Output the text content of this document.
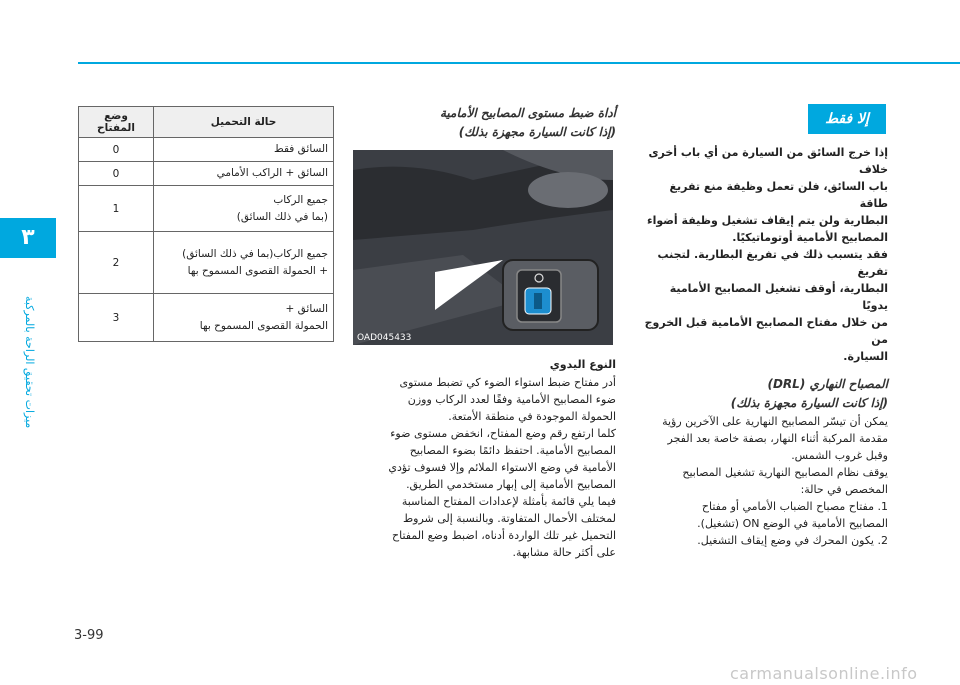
٣
ميزات تحقيق الراحة بالمركبة
إلا فقط

إذا خرج السائق من السيارة من أي باب أخرى خلاف

باب السائق، فلن تعمل وظيفة منع تفريغ طاقة

البطارية ولن يتم إيقاف تشغيل وظيفة أضواء

المصابيح الأمامية أوتوماتيكيًا.

فقد يتسبب ذلك في تفريغ البطارية. لتجنب تفريغ

البطارية، أوقف تشغيل المصابيح الأمامية يدويًا

من خلال مفتاح المصابيح الأمامية قبل الخروج من

السيارة.

المصباح النهاري (DRL)

(إذا كانت السيارة مجهزة بذلك)

يمكن أن تيسّر المصابيح النهارية على الآخرين رؤية

مقدمة المركبة أثناء النهار، بصفة خاصة بعد الفجر

وقبل غروب الشمس.

يوقف نظام المصابيح النهارية تشغيل المصابيح

المخصص في حالة:

1. مفتاح مصباح الضباب الأمامي أو مفتاح
المصابيح الأمامية في الوضع ON (تشغيل).
2. يكون المحرك في وضع إيقاف التشغيل.

أداة ضبط مستوى المصابيح الأمامية

(إذا كانت السيارة مجهزة بذلك)

OAD045433

النوع اليدوي

أدر مفتاح ضبط استواء الضوء كي تضبط مستوى

ضوء المصابيح الأمامية وفقًا لعدد الركاب ووزن

الحمولة الموجودة في منطقة الأمتعة.

كلما ارتفع رقم وضع المفتاح، انخفض مستوى ضوء

المصابيح الأمامية. احتفظ دائمًا بضوء المصابيح

الأمامية في وضع الاستواء الملائم وإلا فسوف تؤدي

المصابيح الأمامية إلى إبهار مستخدمي الطريق.

فيما يلي قائمة بأمثلة لإعدادات المفتاح المناسبة

لمختلف الأحمال المتفاوتة. وبالنسبة إلى شروط

التحميل غير تلك الواردة أدناه، اضبط وضع المفتاح

على أكثر حالة مشابهة.

حالة التحميل	وضع المفتاح
السائق فقط	0
السائق + الراكب الأمامي	0

جميع الركاب
(بما في ذلك السائق)	1

جميع الركاب(بما في ذلك السائق)
+ الحمولة القصوى المسموح بها	2

السائق +
الحمولة القصوى المسموح بها	3
3-99
carmanualsonline.info
